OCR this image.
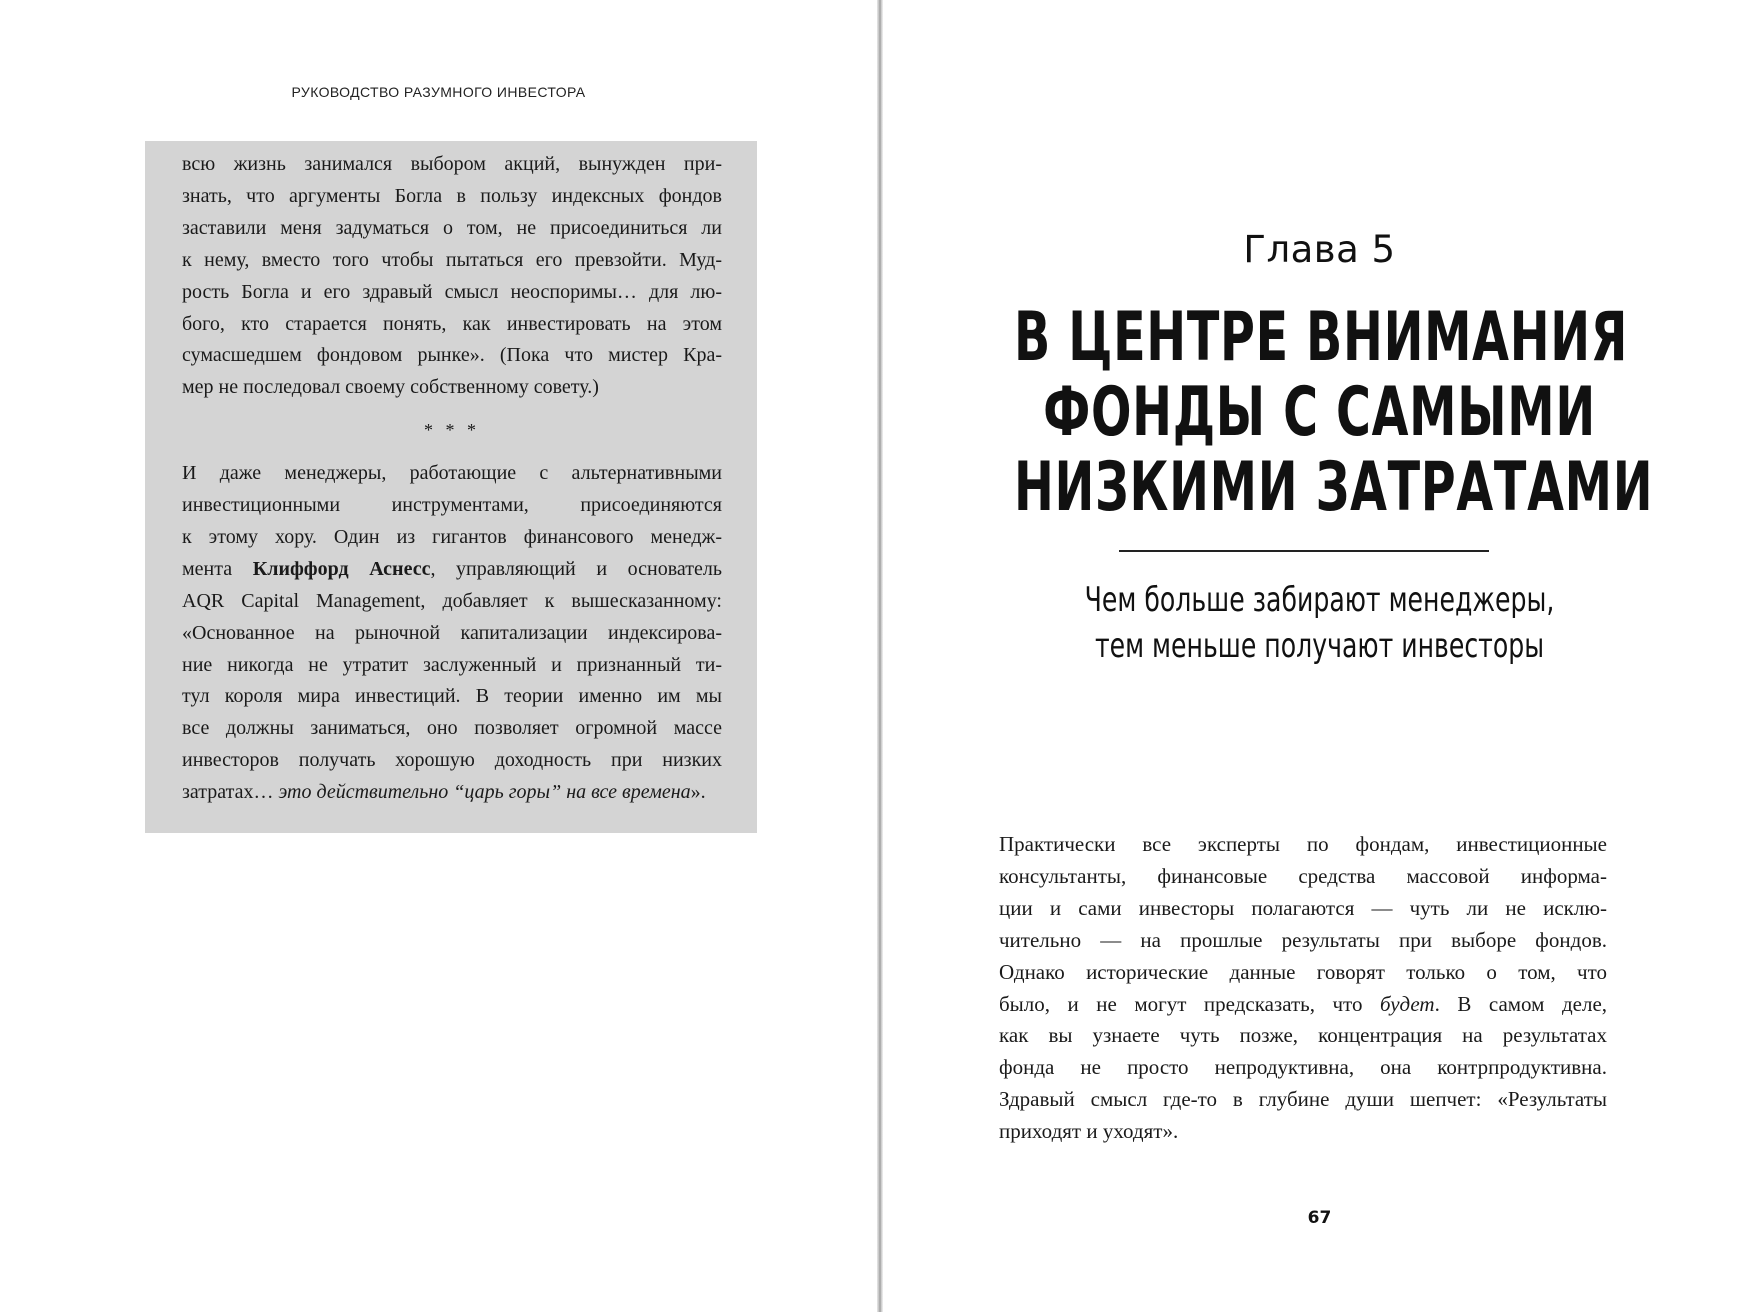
РУКОВОДСТВО РАЗУМНОГО ИНВЕСТОРА
всю жизнь занимался выбором акций, вынужден при-
знать, что аргументы Богла в пользу индексных фондов
заставили меня задуматься о том, не присоединиться ли
к нему, вместо того чтобы пытаться его превзойти. Муд-
рость Богла и его здравый смысл неоспоримы… для лю-
бого, кто старается понять, как инвестировать на этом
сумасшедшем фондовом рынке». (Пока что мистер Кра-
мер не последовал своему собственному совету.)
* * *
И даже менеджеры, работающие с альтернативными
инвестиционными инструментами, присоединяются
к этому хору. Один из гигантов финансового менедж-
мента Клиффорд Аснесс, управляющий и основатель
AQR Capital Management, добавляет к вышесказанному:
«Основанное на рыночной капитализации индексирова-
ние никогда не утратит заслуженный и признанный ти-
тул короля мира инвестиций. В теории именно им мы
все должны заниматься, оно позволяет огромной массе
инвесторов получать хорошую доходность при низких
затратах… это действительно “царь горы” на все времена».
Глава 5
В ЦЕНТРЕ ВНИМАНИЯ
ФОНДЫ С САМЫМИ
НИЗКИМИ ЗАТРАТАМИ
Чем больше забирают менеджеры,
тем меньше получают инвесторы
Практически все эксперты по фондам, инвестиционные
консультанты, финансовые средства массовой информа-
ции и сами инвесторы полагаются — чуть ли не исклю-
чительно — на прошлые результаты при выборе фондов.
Однако исторические данные говорят только о том, что
было, и не могут предсказать, что будет. В самом деле,
как вы узнаете чуть позже, концентрация на результатах
фонда не просто непродуктивна, она контрпродуктивна.
Здравый смысл где-то в глубине души шепчет: «Результаты
приходят и уходят».
67
